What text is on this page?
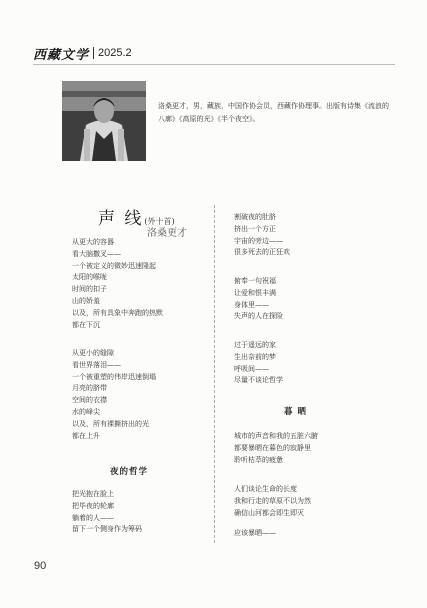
西藏文学 2025.2
洛桑更才，男，藏族，中国作协会员，西藏作协理事。出版有诗集《流浪的八廓》《高原的光》《半个夜空》。
声 线 (外十首)
洛桑更才
从更大的容器
看大脑撒叉——
一个被定义的微妙迅速隆起
太阳的喉咙
时间的扣子
山的娇羞
以及，所有具象中奔跑的热默
都在下沉
从更小的缝隙
看世界落泪——
一个被重塑的伟岸迅速倒塌
月亮的脐带
空间的衣襟
水的峰尖
以及，所有裸撕挤出的光
都在上升
夜的哲学
把光抱在脸上
把毕夜的轮廓
躺着的人——
留下一个侧身作为筹码
割破夜的肚脐
挤出一个方正
宇宙的旁边——
很多死去的正狂欢
俯奉一句祝福
让爱和恨丰满
身体里——
失声的人在探险
过于遥远的家
生出奈前的梦
呼吸间——
尽量不谈论哲学
暮 晒
城市的声音和我的五脏六腑
都要暴晒在暮色的寂静里
聆听枯萃的疲惫
人们谈论生命的长度
我和行走的草原不以为然
确信山河都会即生即灭
应该暴晒——
90
